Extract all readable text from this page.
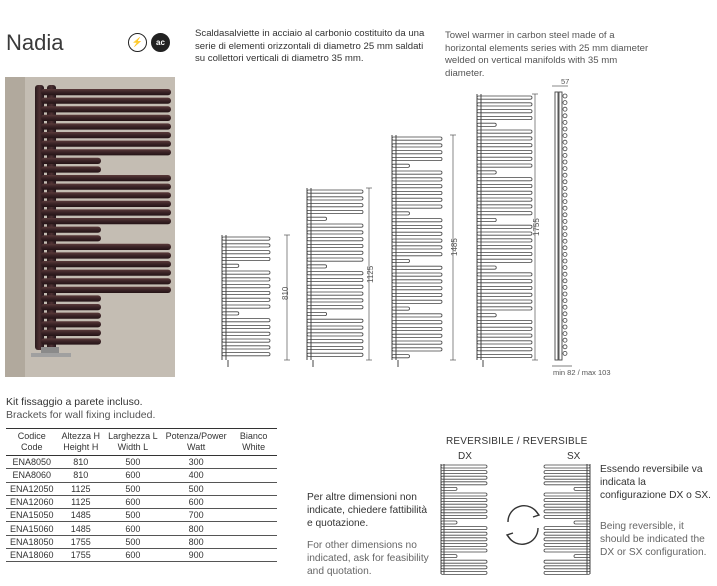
Nadia	⚡	ac
Scaldasalviette in acciaio al carbonio costituito da una serie di elementi orizzontali di diametro 25 mm saldati su collettori verticali di diametro 35 mm.
Towel warmer in carbon steel made of a horizontal elements series with 25 mm diameter welded on vertical manifolds with 35 mm diameter.
810
1125
1485
1755
57
min 82 / max 103
Kit fissaggio a parete incluso.
Brackets for wall fixing included.
Codice	Altezza H	Larghezza L	Potenza/Power	Bianco
Code	Height H	Width L	Watt	White
ENA8050	810	500	300	
ENA8060	810	600	400	
ENA12050	1125	500	500	
ENA12060	1125	600	600	
ENA15050	1485	500	700	
ENA15060	1485	600	800	
ENA18050	1755	500	800	
ENA18060	1755	600	900	
Per altre dimensioni non indicate, chiedere fattibilità e quotazione.
For other dimensions no indicated, ask for feasibility and quotation.
REVERSIBILE / REVERSIBLE
DX	SX
Essendo reversibile va indicata la configurazione DX o SX.
Being reversible, it should be indicated the DX or SX configuration.
